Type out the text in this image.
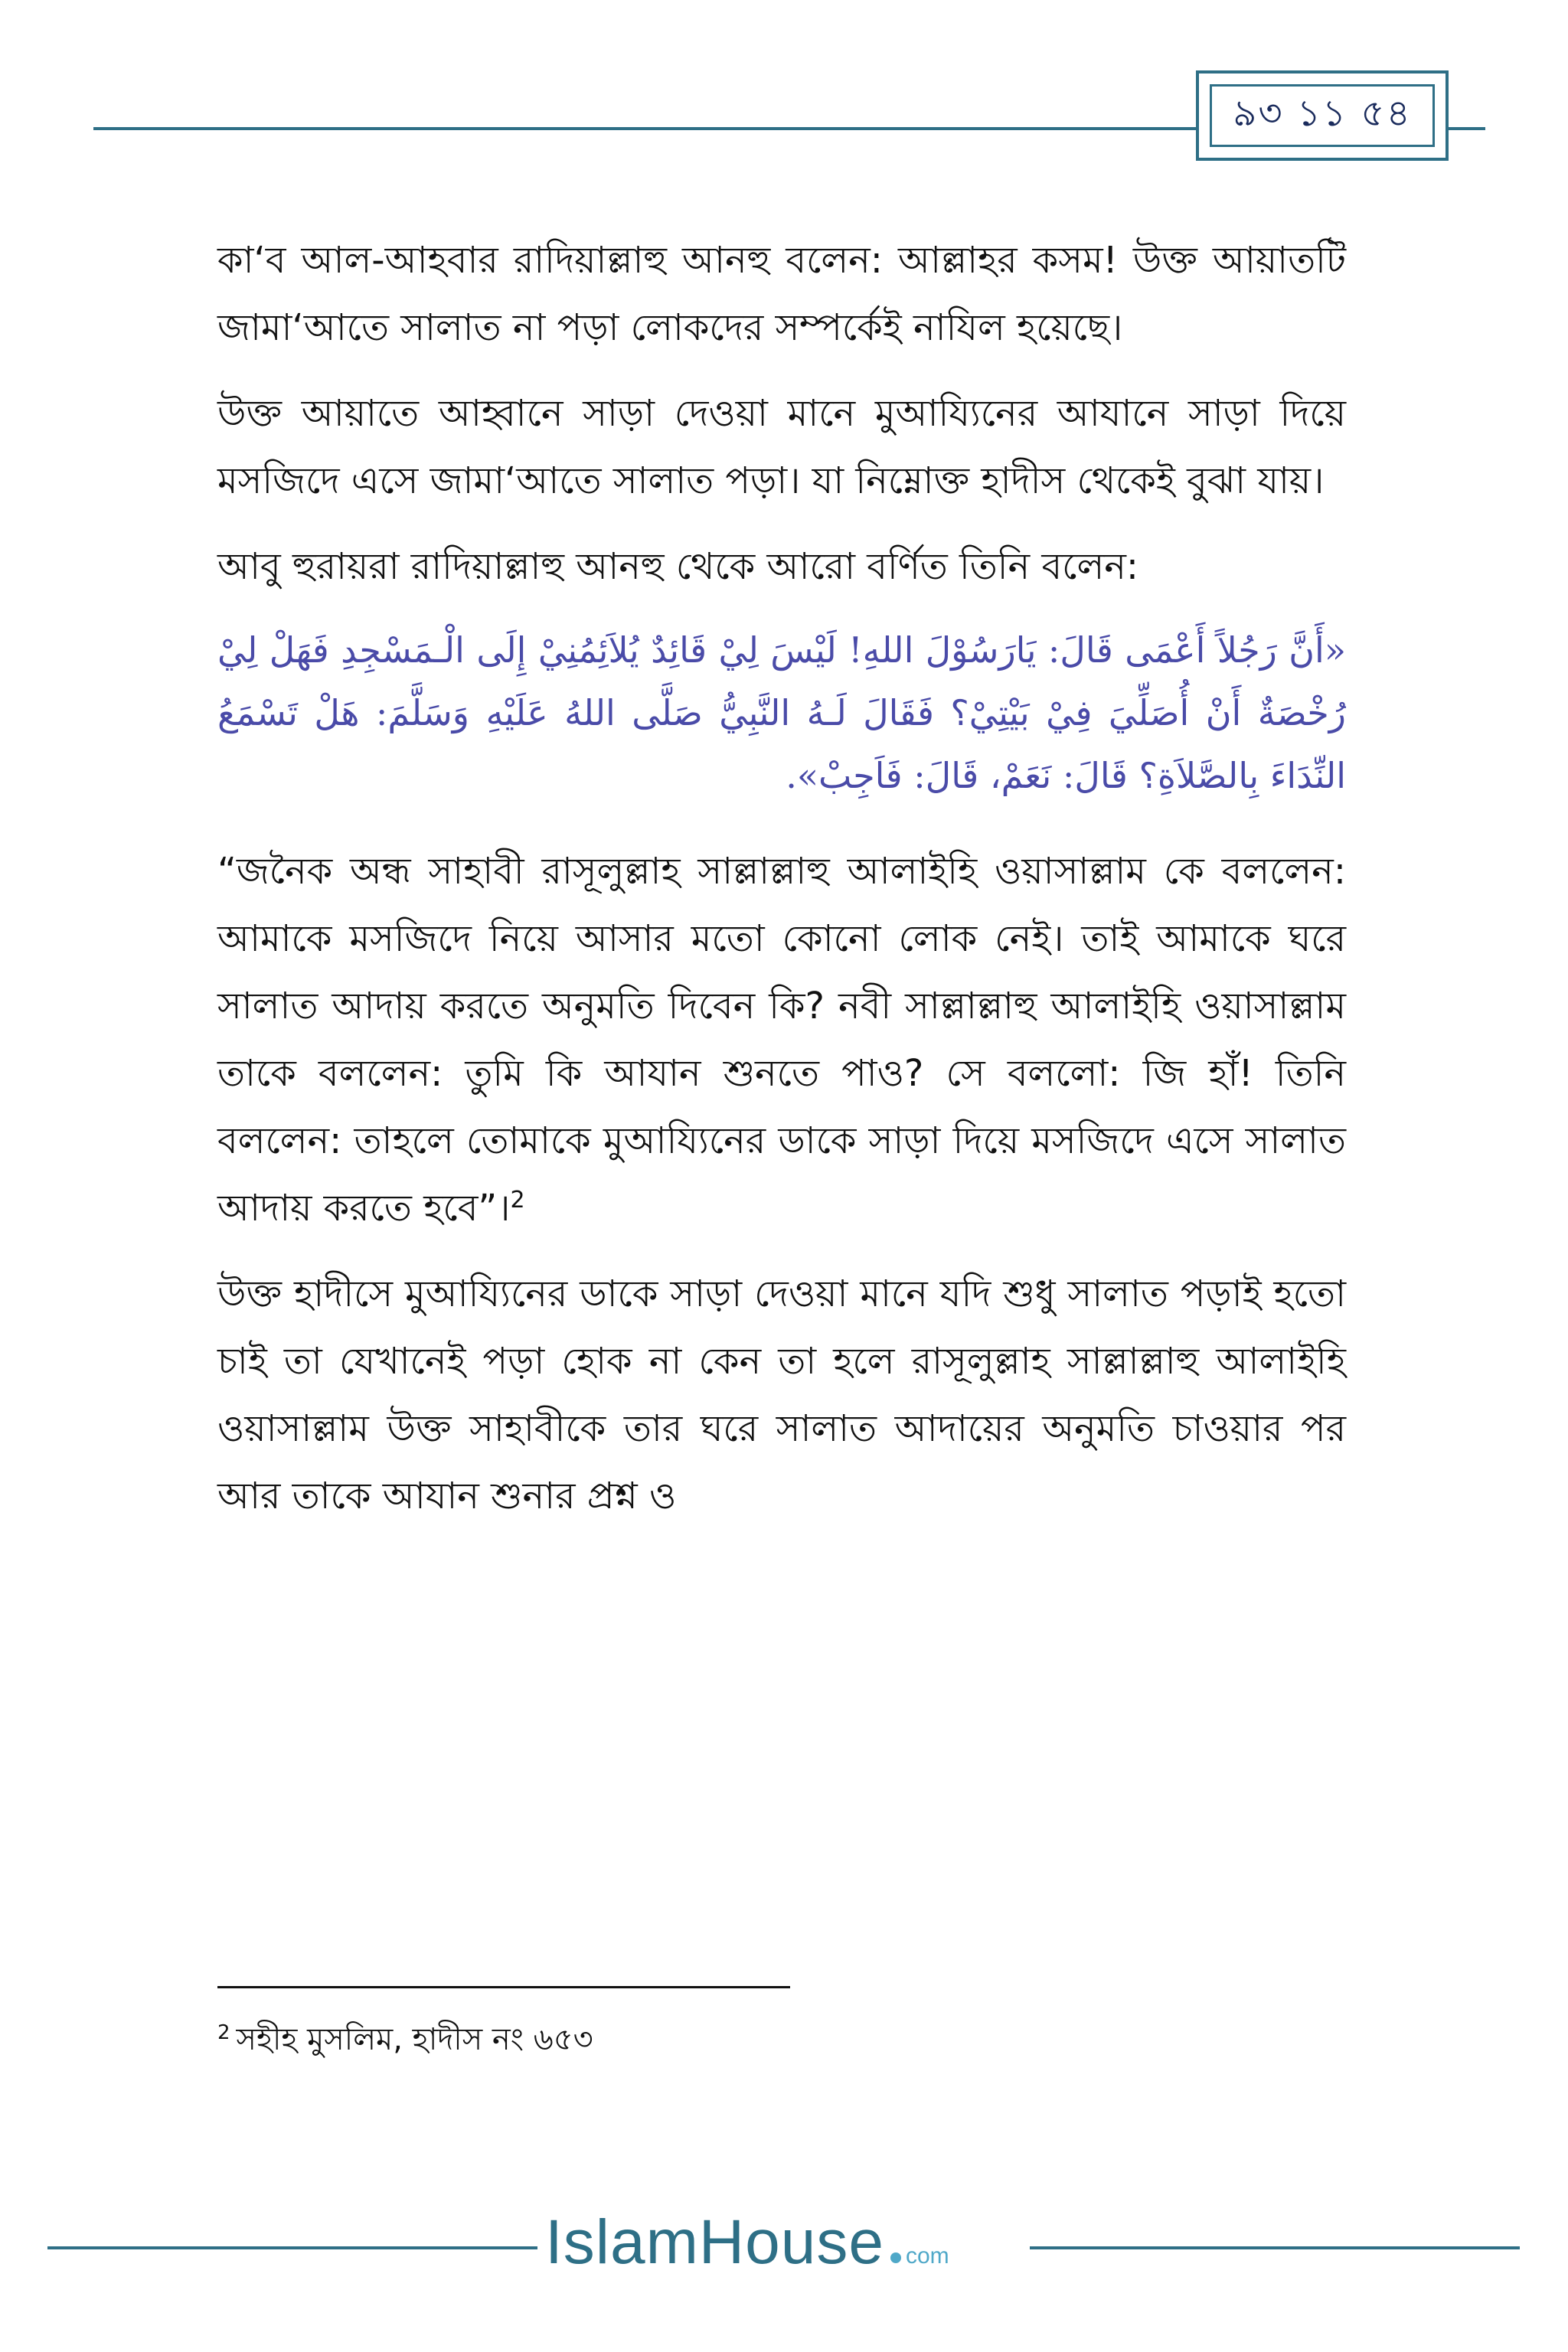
৯৩ ১১ ৫৪

কা‘ব আল-আহবার রাদিয়াল্লাহু আনহু বলেন: আল্লাহর কসম! উক্ত আয়াতটি জামা‘আতে সালাত না পড়া লোকদের সম্পর্কেই নাযিল হয়েছে।

উক্ত আয়াতে আহ্বানে সাড়া দেওয়া মানে মুআয্যিনের আযানে সাড়া দিয়ে মসজিদে এসে জামা‘আতে সালাত পড়া। যা নিম্নোক্ত হাদীস থেকেই বুঝা যায়।

আবু হুরায়রা রাদিয়াল্লাহু আনহু থেকে আরো বর্ণিত তিনি বলেন:

«أَنَّ رَجُلاً أَعْمَى قَالَ: يَارَسُوْلَ اللهِ! لَيْسَ لِيْ قَائِدٌ يُلاَئِمُنِيْ إِلَى الْـمَسْجِدِ فَهَلْ لِيْ رُخْصَةٌ أَنْ أُصَلِّيَ فِيْ بَيْتِيْ؟ فَقَالَ لَـهُ النَّبِيُّ صَلَّى اللهُ عَلَيْهِ وَسَلَّمَ: هَلْ تَسْمَعُ النِّدَاءَ بِالصَّلاَةِ؟ قَالَ: نَعَمْ، قَالَ: فَاَجِبْ».

“জনৈক অন্ধ সাহাবী রাসূলুল্লাহ সাল্লাল্লাহু আলাইহি ওয়াসাল্লাম কে বললেন: আমাকে মসজিদে নিয়ে আসার মতো কোনো লোক নেই। তাই আমাকে ঘরে সালাত আদায় করতে অনুমতি দিবেন কি? নবী সাল্লাল্লাহু আলাইহি ওয়াসাল্লাম তাকে বললেন: তুমি কি আযান শুনতে পাও? সে বললো: জি হাঁ! তিনি বললেন: তাহলে তোমাকে মুআয্যিনের ডাকে সাড়া দিয়ে মসজিদে এসে সালাত আদায় করতে হবে”।$^2$

উক্ত হাদীসে মুআয্যিনের ডাকে সাড়া দেওয়া মানে যদি শুধু সালাত পড়াই হতো চাই তা যেখানেই পড়া হোক না কেন তা হলে রাসূলুল্লাহ সাল্লাল্লাহু আলাইহি ওয়াসাল্লাম উক্ত সাহাবীকে তার ঘরে সালাত আদায়ের অনুমতি চাওয়ার পর আর তাকে আযান শুনার প্রশ্ন ও

$^2$ সহীহ মুসলিম, হাদীস নং ৬৫৩
IslamHouse com
